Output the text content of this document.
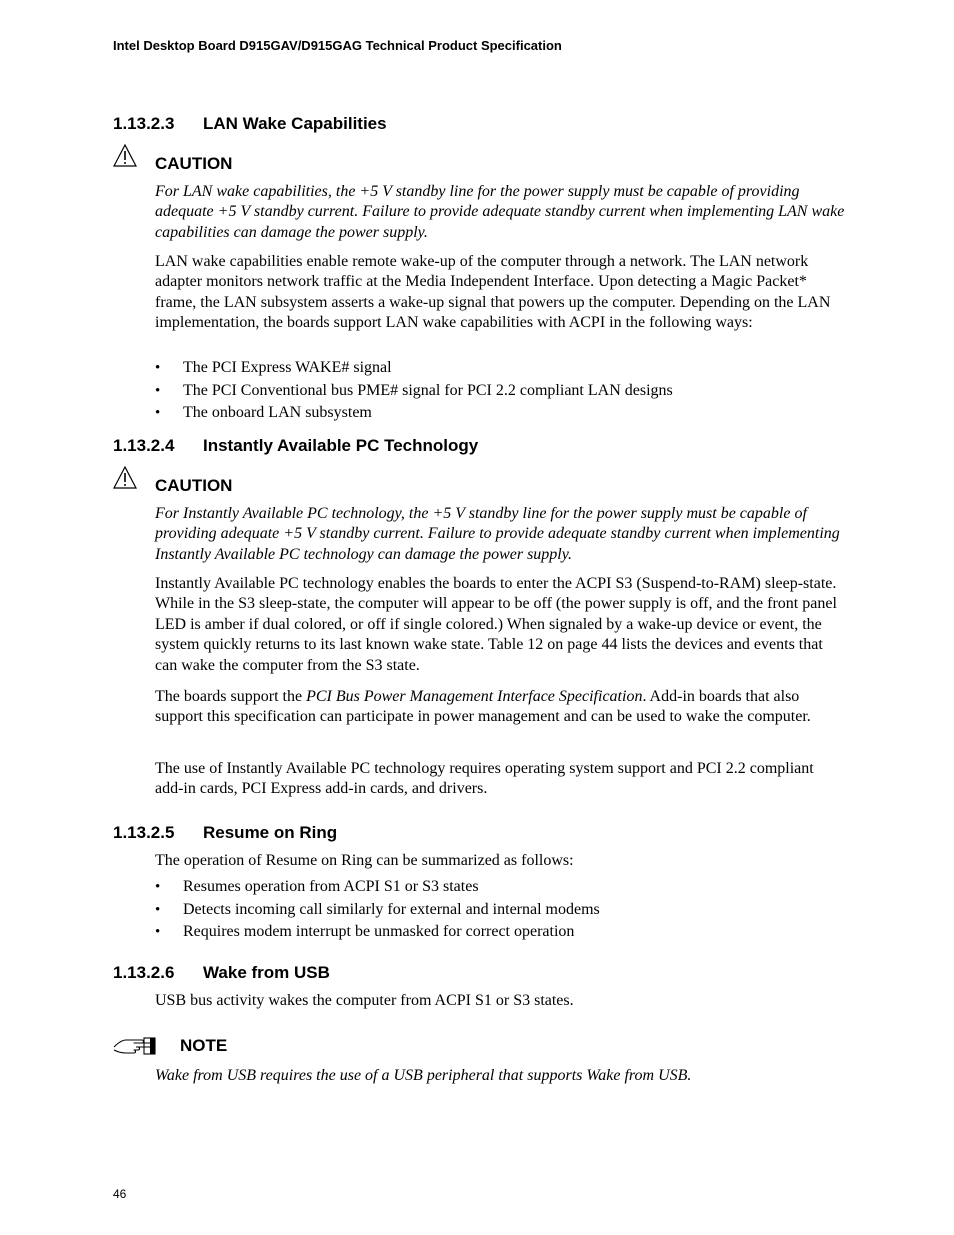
Intel Desktop Board D915GAV/D915GAG Technical Product Specification
1.13.2.3 LAN Wake Capabilities
CAUTION

For LAN wake capabilities, the +5 V standby line for the power supply must be capable of providing adequate +5 V standby current. Failure to provide adequate standby current when implementing LAN wake capabilities can damage the power supply.

LAN wake capabilities enable remote wake-up of the computer through a network. The LAN network adapter monitors network traffic at the Media Independent Interface. Upon detecting a Magic Packet* frame, the LAN subsystem asserts a wake-up signal that powers up the computer. Depending on the LAN implementation, the boards support LAN wake capabilities with ACPI in the following ways:

• The PCI Express WAKE# signal
• The PCI Conventional bus PME# signal for PCI 2.2 compliant LAN designs
• The onboard LAN subsystem
1.13.2.4 Instantly Available PC Technology
CAUTION

For Instantly Available PC technology, the +5 V standby line for the power supply must be capable of providing adequate +5 V standby current. Failure to provide adequate standby current when implementing Instantly Available PC technology can damage the power supply.

Instantly Available PC technology enables the boards to enter the ACPI S3 (Suspend-to-RAM) sleep-state. While in the S3 sleep-state, the computer will appear to be off (the power supply is off, and the front panel LED is amber if dual colored, or off if single colored.) When signaled by a wake-up device or event, the system quickly returns to its last known wake state. Table 12 on page 44 lists the devices and events that can wake the computer from the S3 state.

The boards support the PCI Bus Power Management Interface Specification. Add-in boards that also support this specification can participate in power management and can be used to wake the computer.

The use of Instantly Available PC technology requires operating system support and PCI 2.2 compliant add-in cards, PCI Express add-in cards, and drivers.

1.13.2.5 Resume on Ring

The operation of Resume on Ring can be summarized as follows:

• Resumes operation from ACPI S1 or S3 states
• Detects incoming call similarly for external and internal modems
• Requires modem interrupt be unmasked for correct operation
1.13.2.6 Wake from USB

USB bus activity wakes the computer from ACPI S1 or S3 states.

NOTE

Wake from USB requires the use of a USB peripheral that supports Wake from USB.

46
